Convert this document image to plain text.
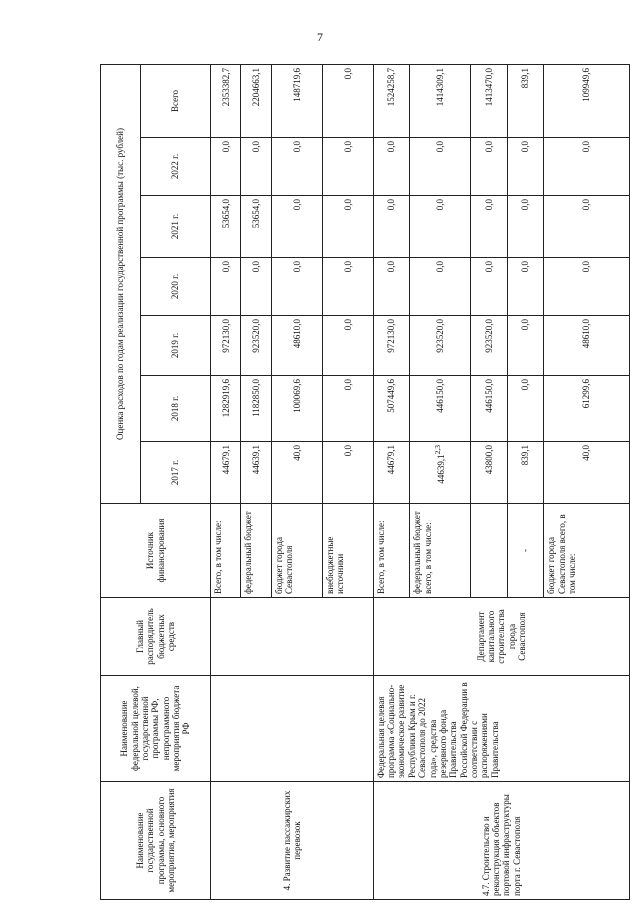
7
Наименование государственной программы, основного мероприятия, мероприятия	Наименование федеральной целевой, государственной программы РФ, непрограммного мероприятия бюджета РФ	Главный распорядитель бюджетных средств	Источник финансирования	Оценка расходов по годам реализации государственной программы (тыс. рублей)						
				2017 г.	2018 г.	2019 г.	2020 г.	2021 г.	2022 г.	Всего
4. Развитие пассажирских перевозок			Всего, в том числе:	44679,1	1282919,6	972130,0	0,0	53654,0	0,0	2353382,7
			федеральный бюджет	44639,1	1182850,0	923520,0	0,0	53654,0	0,0	2204663,1
			бюджет города Севастополя	40,0	100069,6	48610,0	0,0	0,0	0,0	148719,6
			внебюджетные источники	0,0	0,0	0,0	0,0	0,0	0,0	0,0
4.7. Строительство и реконструкция объектов портовой инфраструктуры порта г. Севастополя	Федеральная целевая программа «Социально-экономическое развитие Республики Крым и г. Севастополя до 2022 года», средства резервного фонда Правительства Российской Федерации в соответствии с распоряжениями Правительства	Департамент капитального строительства города Севастополя	Всего, в том числе:	44679,1	507449,6	972130,0	0,0	0,0	0,0	1524258,7
			федеральный бюджет всего, в том числе:	44639,1$^{2,3}$	446150,0	923520,0	0,0	0,0	0,0	1414309,1
				43800,0	446150,0	923520,0	0,0	0,0	0,0	1413470,0
			-	839,1	0,0	0,0	0,0	0,0	0,0	839,1
			бюджет города Севастополя всего, в том числе:	40,0	61299,6	48610,0	0,0	0,0	0,0	109949,6
